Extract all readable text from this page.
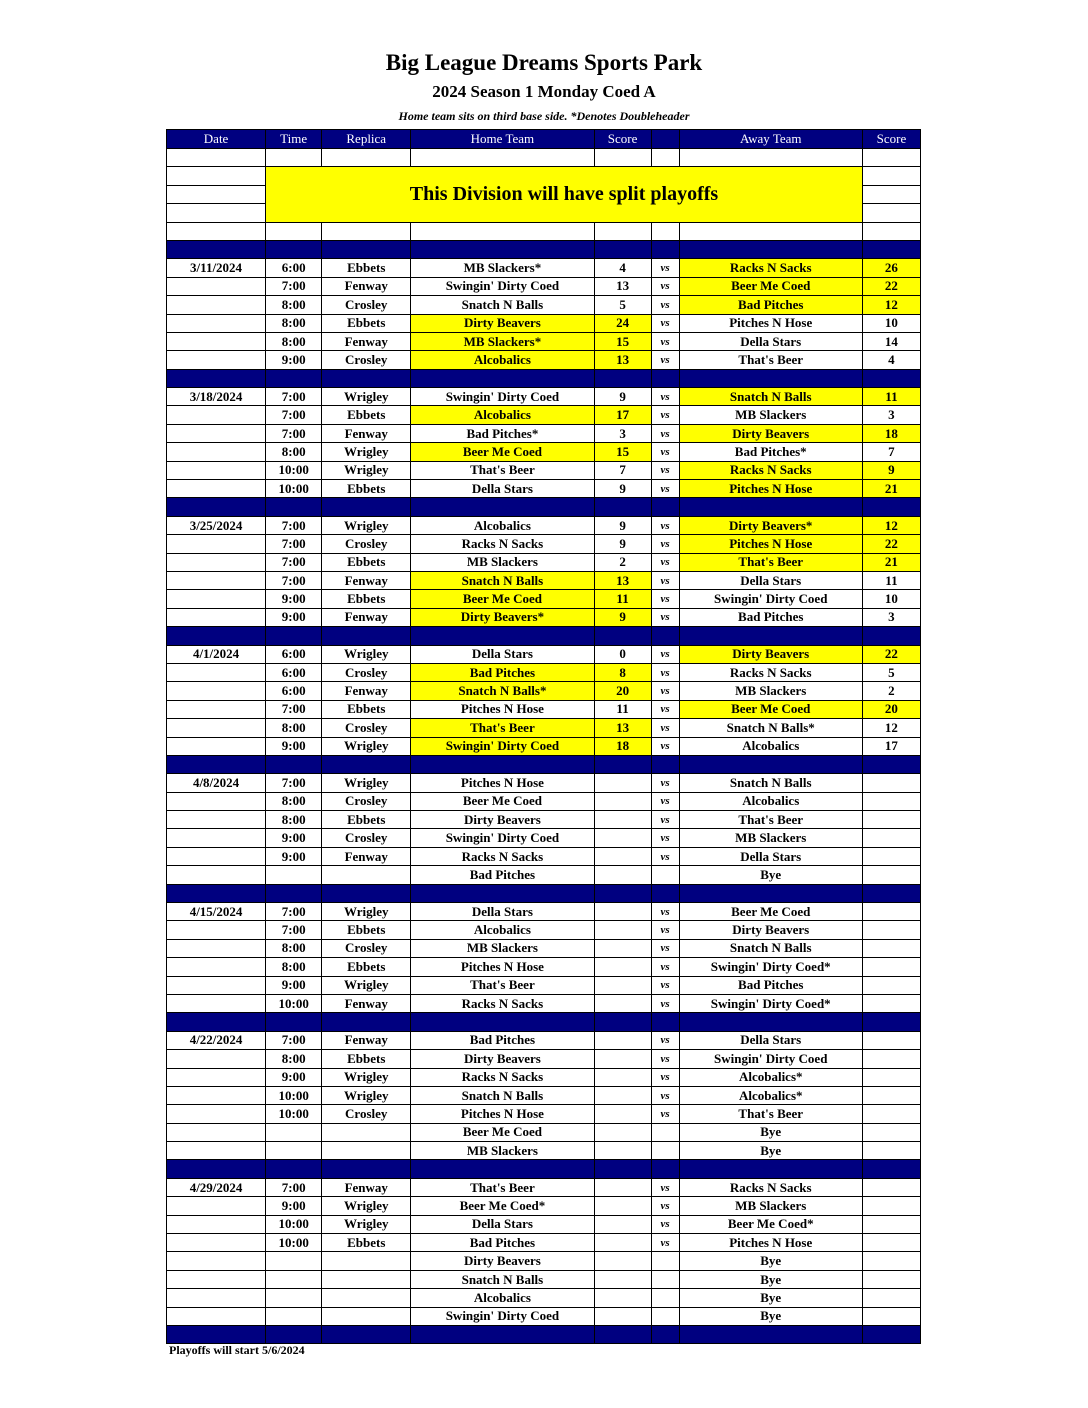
Big League Dreams Sports Park
2024 Season 1 Monday Coed A
Home team sits on third base side. *Denotes Doubleheader
Date	Time	Replica	Home Team	Score		Away Team	Score

	This Division will have split playoffs						

3/11/2024	6:00	Ebbets	MB Slackers*	4	vs	Racks N Sacks	26
	7:00	Fenway	Swingin' Dirty Coed	13	vs	Beer Me Coed	22
	8:00	Crosley	Snatch N Balls	5	vs	Bad Pitches	12
	8:00	Ebbets	Dirty Beavers	24	vs	Pitches N Hose	10
	8:00	Fenway	MB Slackers*	15	vs	Della Stars	14
	9:00	Crosley	Alcobalics	13	vs	That's Beer	4

3/18/2024	7:00	Wrigley	Swingin' Dirty Coed	9	vs	Snatch N Balls	11
	7:00	Ebbets	Alcobalics	17	vs	MB Slackers	3
	7:00	Fenway	Bad Pitches*	3	vs	Dirty Beavers	18
	8:00	Wrigley	Beer Me Coed	15	vs	Bad Pitches*	7
	10:00	Wrigley	That's Beer	7	vs	Racks N Sacks	9
	10:00	Ebbets	Della Stars	9	vs	Pitches N Hose	21

3/25/2024	7:00	Wrigley	Alcobalics	9	vs	Dirty Beavers*	12
	7:00	Crosley	Racks N Sacks	9	vs	Pitches N Hose	22
	7:00	Ebbets	MB Slackers	2	vs	That's Beer	21
	7:00	Fenway	Snatch N Balls	13	vs	Della Stars	11
	9:00	Ebbets	Beer Me Coed	11	vs	Swingin' Dirty Coed	10
	9:00	Fenway	Dirty Beavers*	9	vs	Bad Pitches	3

4/1/2024	6:00	Wrigley	Della Stars	0	vs	Dirty Beavers	22
	6:00	Crosley	Bad Pitches	8	vs	Racks N Sacks	5
	6:00	Fenway	Snatch N Balls*	20	vs	MB Slackers	2
	7:00	Ebbets	Pitches N Hose	11	vs	Beer Me Coed	20
	8:00	Crosley	That's Beer	13	vs	Snatch N Balls*	12
	9:00	Wrigley	Swingin' Dirty Coed	18	vs	Alcobalics	17

4/8/2024	7:00	Wrigley	Pitches N Hose		vs	Snatch N Balls	
	8:00	Crosley	Beer Me Coed		vs	Alcobalics	
	8:00	Ebbets	Dirty Beavers		vs	That's Beer	
	9:00	Crosley	Swingin' Dirty Coed		vs	MB Slackers	
	9:00	Fenway	Racks N Sacks		vs	Della Stars	
			Bad Pitches			Bye	

4/15/2024	7:00	Wrigley	Della Stars		vs	Beer Me Coed	
	7:00	Ebbets	Alcobalics		vs	Dirty Beavers	
	8:00	Crosley	MB Slackers		vs	Snatch N Balls	
	8:00	Ebbets	Pitches N Hose		vs	Swingin' Dirty Coed*	
	9:00	Wrigley	That's Beer		vs	Bad Pitches	
	10:00	Fenway	Racks N Sacks		vs	Swingin' Dirty Coed*	

4/22/2024	7:00	Fenway	Bad Pitches		vs	Della Stars	
	8:00	Ebbets	Dirty Beavers		vs	Swingin' Dirty Coed	
	9:00	Wrigley	Racks N Sacks		vs	Alcobalics*	
	10:00	Wrigley	Snatch N Balls		vs	Alcobalics*	
	10:00	Crosley	Pitches N Hose		vs	That's Beer	
			Beer Me Coed			Bye	
			MB Slackers			Bye	

4/29/2024	7:00	Fenway	That's Beer		vs	Racks N Sacks	
	9:00	Wrigley	Beer Me Coed*		vs	MB Slackers	
	10:00	Wrigley	Della Stars		vs	Beer Me Coed*	
	10:00	Ebbets	Bad Pitches		vs	Pitches N Hose	
			Dirty Beavers			Bye	
			Snatch N Balls			Bye	
			Alcobalics			Bye	
			Swingin' Dirty Coed			Bye	

Playoffs will start 5/6/2024
